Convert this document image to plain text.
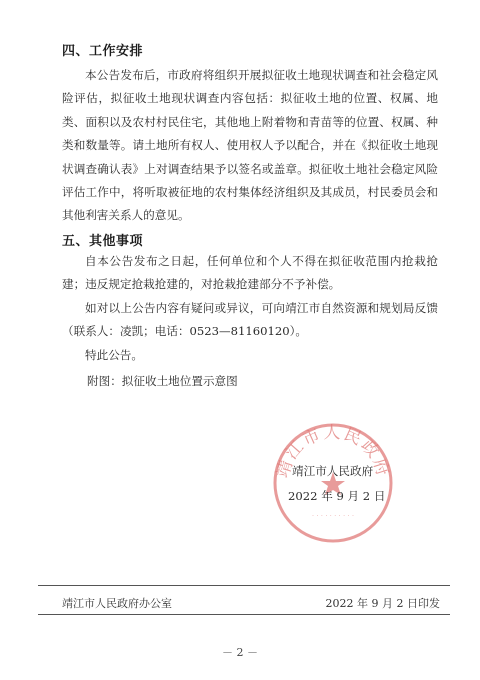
四、工作安排

本公告发布后，市政府将组织开展拟征收土地现状调查和社会稳定风险评估，拟征收土地现状调查内容包括：拟征收土地的位置、权属、地类、面积以及农村村民住宅，其他地上附着物和青苗等的位置、权属、种类和数量等。请土地所有权人、使用权人予以配合，并在《拟征收土地现状调查确认表》上对调查结果予以签名或盖章。拟征收土地社会稳定风险评估工作中，将听取被征地的农村集体经济组织及其成员，村民委员会和其他利害关系人的意见。

五、其他事项

自本公告发布之日起，任何单位和个人不得在拟征收范围内抢栽抢建；违反规定抢栽抢建的，对抢栽抢建部分不予补偿。

如对以上公告内容有疑问或异议，可向靖江市自然资源和规划局反馈（联系人：凌凯；电话：0523—81160120）。

特此公告。

附图：拟征收土地位置示意图
靖江市人民政府
· · · · · · · · · ·
靖江市人民政府
2022 年 9 月 2 日
靖江市人民政府办公室	2022 年 9 月 2 日印发
－ 2 －
